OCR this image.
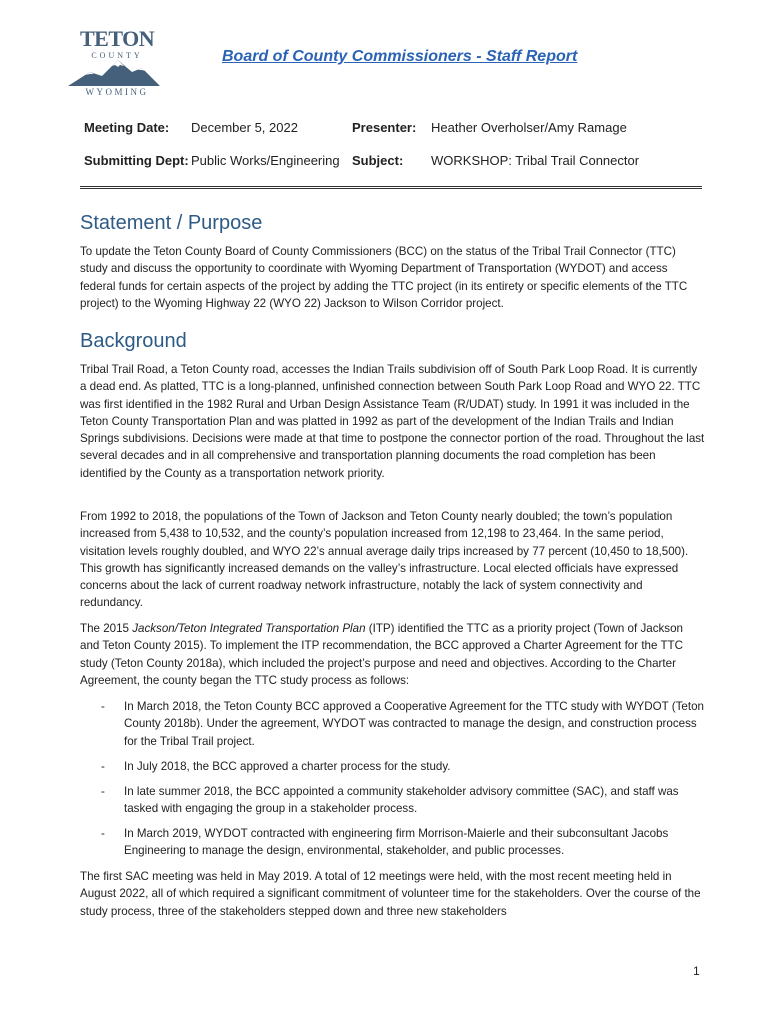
TETON
COUNTY
WYOMING
Board of County Commissioners - Staff Report
Meeting Date: December 5, 2022	Presenter: Heather Overholser/Amy Ramage
Submitting Dept: Public Works/Engineering Subject: WORKSHOP: Tribal Trail Connector
Statement / Purpose

To update the Teton County Board of County Commissioners (BCC) on the status of the Tribal Trail Connector (TTC) study and discuss the opportunity to coordinate with Wyoming Department of Transportation (WYDOT) and access federal funds for certain aspects of the project by adding the TTC project (in its entirety or specific elements of the TTC project) to the Wyoming Highway 22 (WYO 22) Jackson to Wilson Corridor project.

Background

Tribal Trail Road, a Teton County road, accesses the Indian Trails subdivision off of South Park Loop Road. It is currently a dead end. As platted, TTC is a long-planned, unfinished connection between South Park Loop Road and WYO 22. TTC was first identified in the 1982 Rural and Urban Design Assistance Team (R/UDAT) study. In 1991 it was included in the Teton County Transportation Plan and was platted in 1992 as part of the development of the Indian Trails and Indian Springs subdivisions. Decisions were made at that time to postpone the connector portion of the road. Throughout the last several decades and in all comprehensive and transportation planning documents the road completion has been identified by the County as a transportation network priority.

From 1992 to 2018, the populations of the Town of Jackson and Teton County nearly doubled; the town’s population increased from 5,438 to 10,532, and the county’s population increased from 12,198 to 23,464. In the same period, visitation levels roughly doubled, and WYO 22’s annual average daily trips increased by 77 percent (10,450 to 18,500). This growth has significantly increased demands on the valley’s infrastructure. Local elected officials have expressed concerns about the lack of current roadway network infrastructure, notably the lack of system connectivity and redundancy.

The 2015 Jackson/Teton Integrated Transportation Plan (ITP) identified the TTC as a priority project (Town of Jackson and Teton County 2015). To implement the ITP recommendation, the BCC approved a Charter Agreement for the TTC study (Teton County 2018a), which included the project’s purpose and need and objectives. According to the Charter Agreement, the county began the TTC study process as follows:

- In March 2018, the Teton County BCC approved a Cooperative Agreement for the TTC study with WYDOT (Teton County 2018b). Under the agreement, WYDOT was contracted to manage the design, and construction process for the Tribal Trail project.
- In July 2018, the BCC approved a charter process for the study.
- In late summer 2018, the BCC appointed a community stakeholder advisory committee (SAC), and staff was tasked with engaging the group in a stakeholder process.
- In March 2019, WYDOT contracted with engineering firm Morrison-Maierle and their subconsultant Jacobs Engineering to manage the design, environmental, stakeholder, and public processes.

The first SAC meeting was held in May 2019. A total of 12 meetings were held, with the most recent meeting held in August 2022, all of which required a significant commitment of volunteer time for the stakeholders. Over the course of the study process, three of the stakeholders stepped down and three new stakeholders

1
